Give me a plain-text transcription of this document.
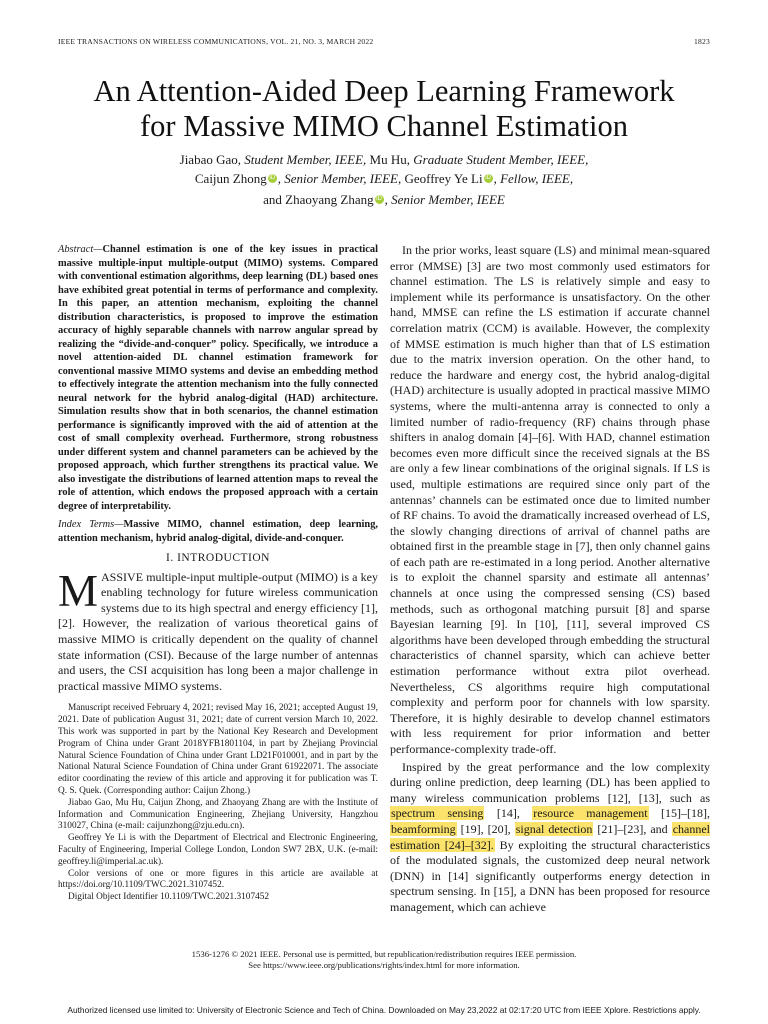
IEEE TRANSACTIONS ON WIRELESS COMMUNICATIONS, VOL. 21, NO. 3, MARCH 2022	1823
An Attention-Aided Deep Learning Framework
for Massive MIMO Channel Estimation
Jiabao Gao, Student Member, IEEE, Mu Hu, Graduate Student Member, IEEE,
Caijun Zhong iD , Senior Member, IEEE, Geoffrey Ye Li iD , Fellow, IEEE,
and Zhaoyang Zhang iD , Senior Member, IEEE
Abstract—Channel estimation is one of the key issues in practical massive multiple-input multiple-output (MIMO) systems. Compared with conventional estimation algorithms, deep learning (DL) based ones have exhibited great potential in terms of performance and complexity. In this paper, an attention mechanism, exploiting the channel distribution characteristics, is proposed to improve the estimation accuracy of highly separable channels with narrow angular spread by realizing the “divide-and-conquer” policy. Specifically, we introduce a novel attention-aided DL channel estimation framework for conventional massive MIMO systems and devise an embedding method to effectively integrate the attention mechanism into the fully connected neural network for the hybrid analog-digital (HAD) architecture. Simulation results show that in both scenarios, the channel estimation performance is significantly improved with the aid of attention at the cost of small complexity overhead. Furthermore, strong robustness under different system and channel parameters can be achieved by the proposed approach, which further strengthens its practical value. We also investigate the distributions of learned attention maps to reveal the role of attention, which endows the proposed approach with a certain degree of interpretability.
Index Terms—Massive MIMO, channel estimation, deep learning, attention mechanism, hybrid analog-digital, divide-and-conquer.
I. INTRODUCTION
MASSIVE multiple-input multiple-output (MIMO) is a key enabling technology for future wireless communication systems due to its high spectral and energy efficiency [1], [2]. However, the realization of various theoretical gains of massive MIMO is critically dependent on the quality of channel state information (CSI). Because of the large number of antennas and users, the CSI acquisition has long been a major challenge in practical massive MIMO systems.

Manuscript received February 4, 2021; revised May 16, 2021; accepted August 19, 2021. Date of publication August 31, 2021; date of current version March 10, 2022. This work was supported in part by the National Key Research and Development Program of China under Grant 2018YFB1801104, in part by Zhejiang Provincial Natural Science Foundation of China under Grant LD21F010001, and in part by the National Natural Science Foundation of China under Grant 61922071. The associate editor coordinating the review of this article and approving it for publication was T. Q. S. Quek. (Corresponding author: Caijun Zhong.)

Jiabao Gao, Mu Hu, Caijun Zhong, and Zhaoyang Zhang are with the Institute of Information and Communication Engineering, Zhejiang University, Hangzhou 310027, China (e-mail: caijunzhong@zju.edu.cn).

Geoffrey Ye Li is with the Department of Electrical and Electronic Engineering, Faculty of Engineering, Imperial College London, London SW7 2BX, U.K. (e-mail: geoffrey.li@imperial.ac.uk).

Color versions of one or more figures in this article are available at https://doi.org/10.1109/TWC.2021.3107452.

Digital Object Identifier 10.1109/TWC.2021.3107452

In the prior works, least square (LS) and minimal mean-squared error (MMSE) [3] are two most commonly used estimators for channel estimation. The LS is relatively simple and easy to implement while its performance is unsatisfactory. On the other hand, MMSE can refine the LS estimation if accurate channel correlation matrix (CCM) is available. However, the complexity of MMSE estimation is much higher than that of LS estimation due to the matrix inversion operation. On the other hand, to reduce the hardware and energy cost, the hybrid analog-digital (HAD) architecture is usually adopted in practical massive MIMO systems, where the multi-antenna array is connected to only a limited number of radio-frequency (RF) chains through phase shifters in analog domain [4]–[6]. With HAD, channel estimation becomes even more difficult since the received signals at the BS are only a few linear combinations of the original signals. If LS is used, multiple estimations are required since only part of the antennas’ channels can be estimated once due to limited number of RF chains. To avoid the dramatically increased overhead of LS, the slowly changing directions of arrival of channel paths are obtained first in the preamble stage in [7], then only channel gains of each path are re-estimated in a long period. Another alternative is to exploit the channel sparsity and estimate all antennas’ channels at once using the compressed sensing (CS) based methods, such as orthogonal matching pursuit [8] and sparse Bayesian learning [9]. In [10], [11], several improved CS algorithms have been developed through embedding the structural characteristics of channel sparsity, which can achieve better estimation performance without extra pilot overhead. Nevertheless, CS algorithms require high computational complexity and perform poor for channels with low sparsity. Therefore, it is highly desirable to develop channel estimators with less requirement for prior information and better performance-complexity trade-off.

Inspired by the great performance and the low complexity during online prediction, deep learning (DL) has been applied to many wireless communication problems [12], [13], such as spectrum sensing [14], resource management [15]–[18], beamforming [19], [20], signal detection [21]–[23], and channel estimation [24]–[32]. By exploiting the structural characteristics of the modulated signals, the customized deep neural network (DNN) in [14] significantly outperforms energy detection in spectrum sensing. In [15], a DNN has been proposed for resource management, which can achieve

1536-1276 © 2021 IEEE. Personal use is permitted, but republication/redistribution requires IEEE permission.
See https://www.ieee.org/publications/rights/index.html for more information.
Authorized licensed use limited to: University of Electronic Science and Tech of China. Downloaded on May 23,2022 at 02:17:20 UTC from IEEE Xplore. Restrictions apply.
